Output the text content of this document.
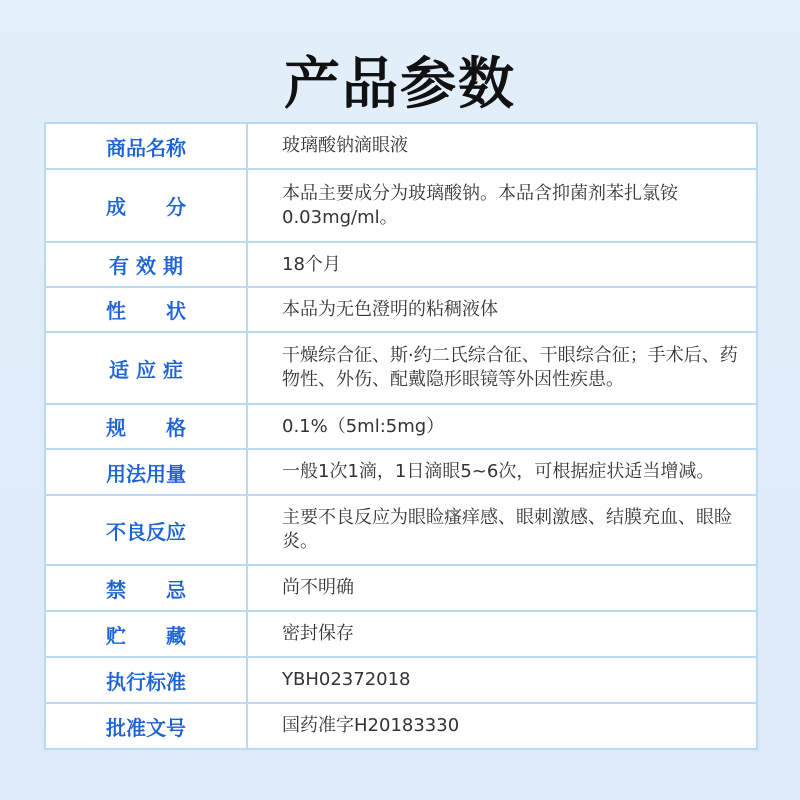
产品参数
商品名称	玻璃酸钠滴眼液
成　　分	本品主要成分为玻璃酸钠。本品含抑菌剂苯扎氯铵0.03mg/ml。
有 效 期	18个月
性　　状	本品为无色澄明的粘稠液体
适 应 症	干燥综合征、斯·约二氏综合征、干眼综合征；手术后、药物性、外伤、配戴隐形眼镜等外因性疾患。
规　　格	0.1%（5ml:5mg）
用法用量	一般1次1滴，1日滴眼5~6次，可根据症状适当增减。
不良反应	主要不良反应为眼睑瘙痒感、眼刺激感、结膜充血、眼睑炎。
禁　　忌	尚不明确
贮　　藏	密封保存
执行标准	YBH02372018
批准文号	国药准字H20183330
